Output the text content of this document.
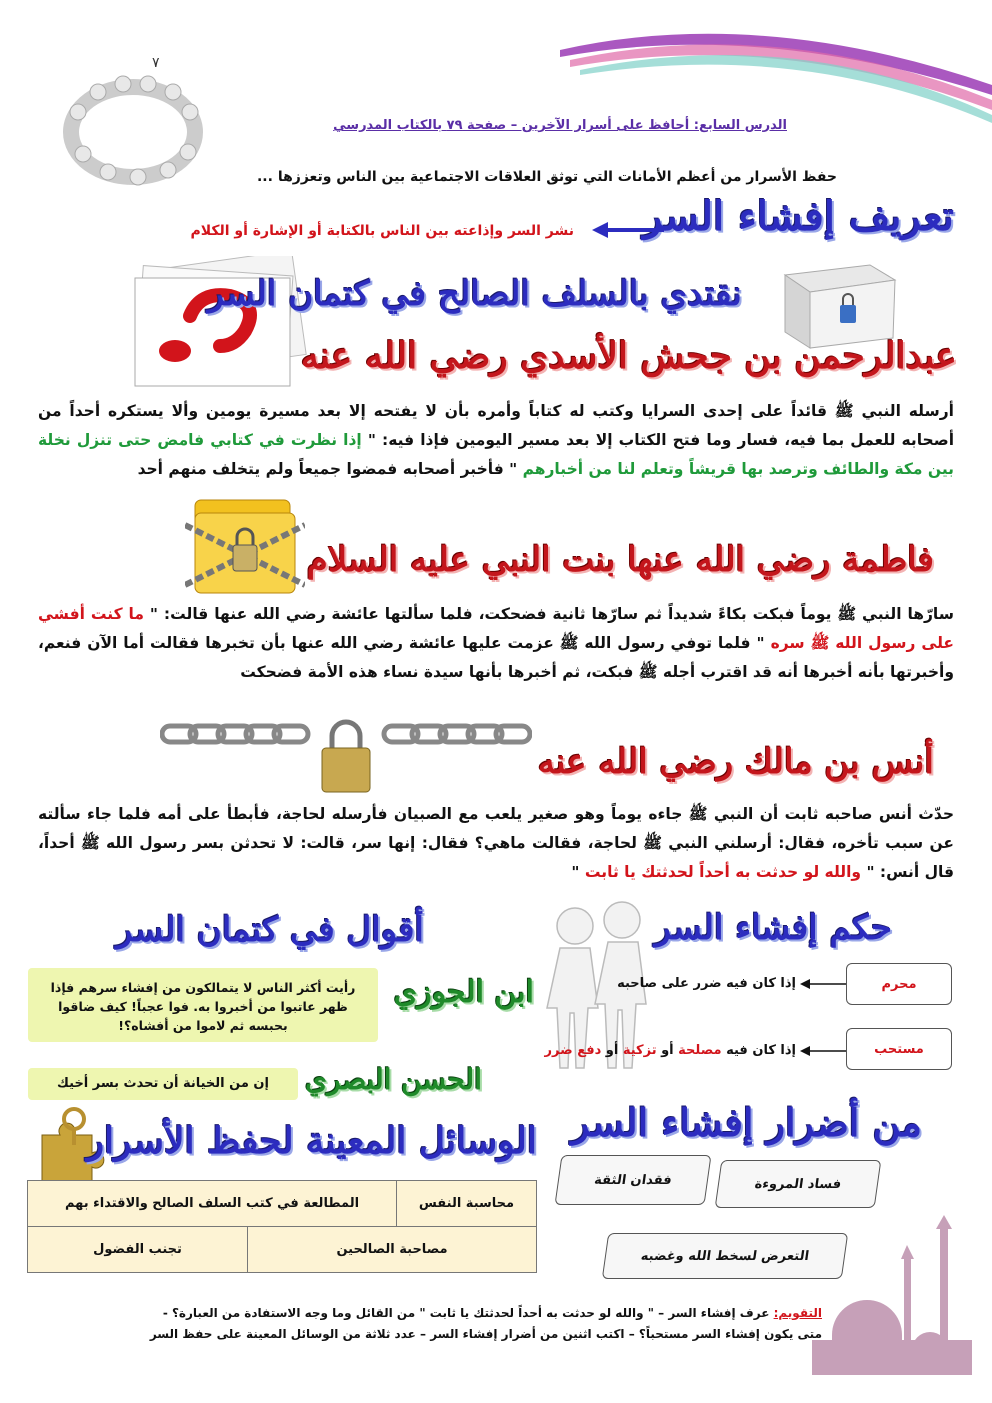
٧
الدرس السابع: أحافظ على أسرار الآخرين – صفحة ٧٩ بالكتاب المدرسي
حفظ الأسرار من أعظم الأمانات التي توثق العلاقات الاجتماعية بين الناس وتعززها ...
تعريف إفشاء السر
نشر السر وإذاعته بين الناس بالكتابة أو الإشارة أو الكلام
نقتدي بالسلف الصالح في كتمان السر
عبدالرحمن بن جحش الأسدي رضي الله عنه

أرسله النبي ﷺ قائداً على إحدى السرايا وكتب له كتاباً وأمره بأن لا يفتحه إلا بعد مسيرة يومين وألا يستكره أحداً من أصحابه للعمل بما فيه، فسار وما فتح الكتاب إلا بعد مسير اليومين فإذا فيه: " إذا نظرت في كتابي فامض حتى تنزل نخلة بين مكة والطائف وترصد بها قريشاً وتعلم لنا من أخبارهم " فأخبر أصحابه فمضوا جميعاً ولم يتخلف منهم أحد

فاطمة رضي الله عنها بنت النبي عليه السلام

سارّها النبي ﷺ يوماً فبكت بكاءً شديداً ثم سارّها ثانية فضحكت، فلما سألتها عائشة رضي الله عنها قالت: " ما كنت أفشي على رسول الله ﷺ سره " فلما توفي رسول الله ﷺ عزمت عليها عائشة رضي الله عنها بأن تخبرها فقالت أما الآن فنعم، وأخبرتها بأنه أخبرها أنه قد اقترب أجله ﷺ فبكت، ثم أخبرها بأنها سيدة نساء هذه الأمة فضحكت

أنس بن مالك رضي الله عنه

حدّث أنس صاحبه ثابت أن النبي ﷺ جاءه يوماً وهو صغير يلعب مع الصبيان فأرسله لحاجة، فأبطأ على أمه فلما جاء سألته عن سبب تأخره، فقال: أرسلني النبي ﷺ لحاجة، فقالت ماهي؟ فقال: إنها سر، قالت: لا تحدثن بسر رسول الله ﷺ أحداً، قال أنس: " والله لو حدثت به أحداً لحدثتك يا ثابت "

أقوال في كتمان السر
رأيت أكثر الناس لا يتمالكون من إفشاء سرهم فإذا ظهر عاتبوا من أخبروا به. فوا عجباً! كيف ضاقوا بحبسه ثم لاموا من أفشاه؟!
ابن الجوزي
إن من الخيانة أن تحدث بسر أخيك	الحسن البصري
حكم إفشاء السر
محرم
إذا كان فيه ضرر على صاحبه
مستحب
إذا كان فيه مصلحة أو تزكية أو دفع ضرر
من أضرار إفشاء السر
فقدان الثقة	فساد المروءة
التعرض لسخط الله وغضبه
الوسائل المعينة لحفظ الأسرار
محاسبة النفس	المطالعة في كتب السلف الصالح والاقتداء بهم	
مصاحبة الصالحين		تجنب الفضول
التقويم: عرف إفشاء السر – " والله لو حدثت به أحداً لحدثتك يا ثابت " من القائل وما وجه الاستفادة من العبارة؟ -
متى يكون إفشاء السر مستحباً؟ – اكتب اثنين من أضرار إفشاء السر – عدد ثلاثة من الوسائل المعينة على حفظ السر
